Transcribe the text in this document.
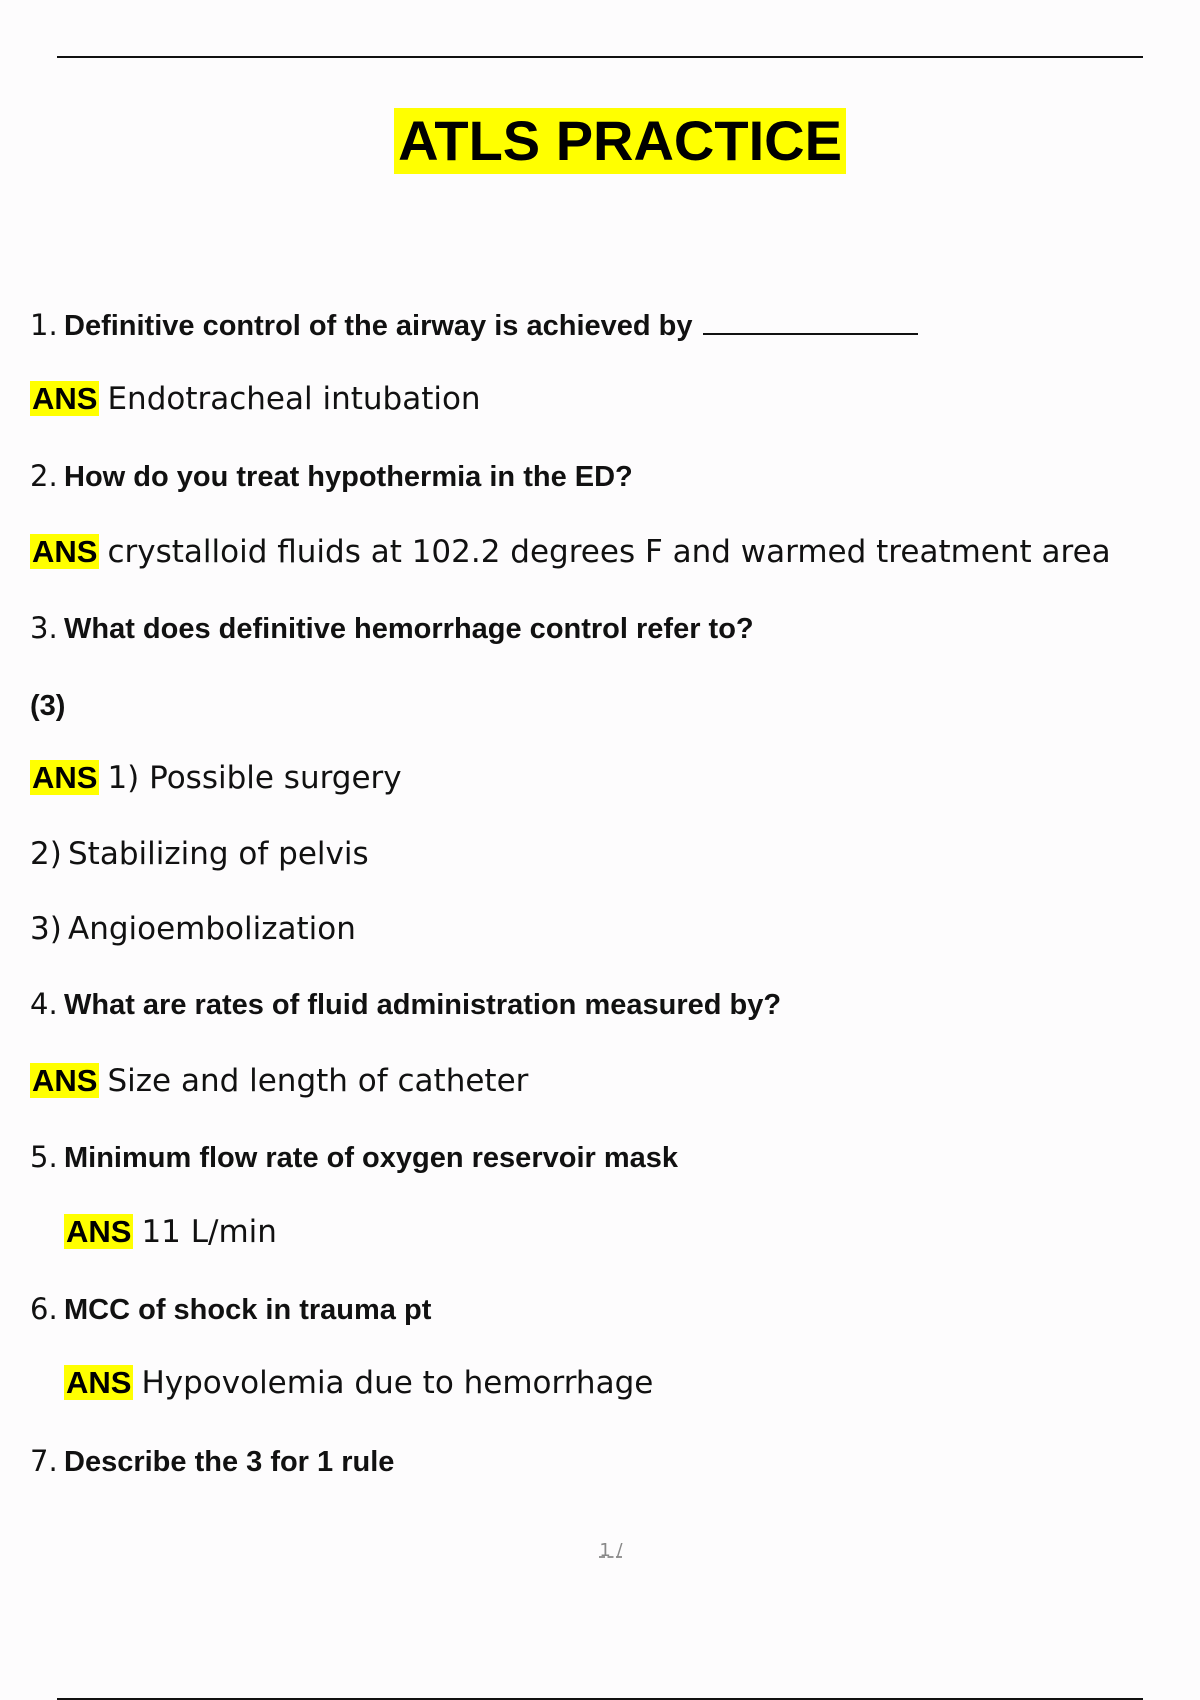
ATLS PRACTICE
1. Definitive control of the airway is achieved by
ANS Endotracheal intubation
2. How do you treat hypothermia in the ED?
ANS crystalloid fluids at 102.2 degrees F and warmed treatment area
3. What does definitive hemorrhage control refer to?
(3)
ANS 1) Possible surgery
2) Stabilizing of pelvis
3) Angioembolization
4. What are rates of fluid administration measured by?
ANS Size and length of catheter
5. Minimum flow rate of oxygen reservoir mask
ANS 11 L/min
6. MCC of shock in trauma pt
ANS Hypovolemia due to hemorrhage
7. Describe the 3 for 1 rule
1 /
